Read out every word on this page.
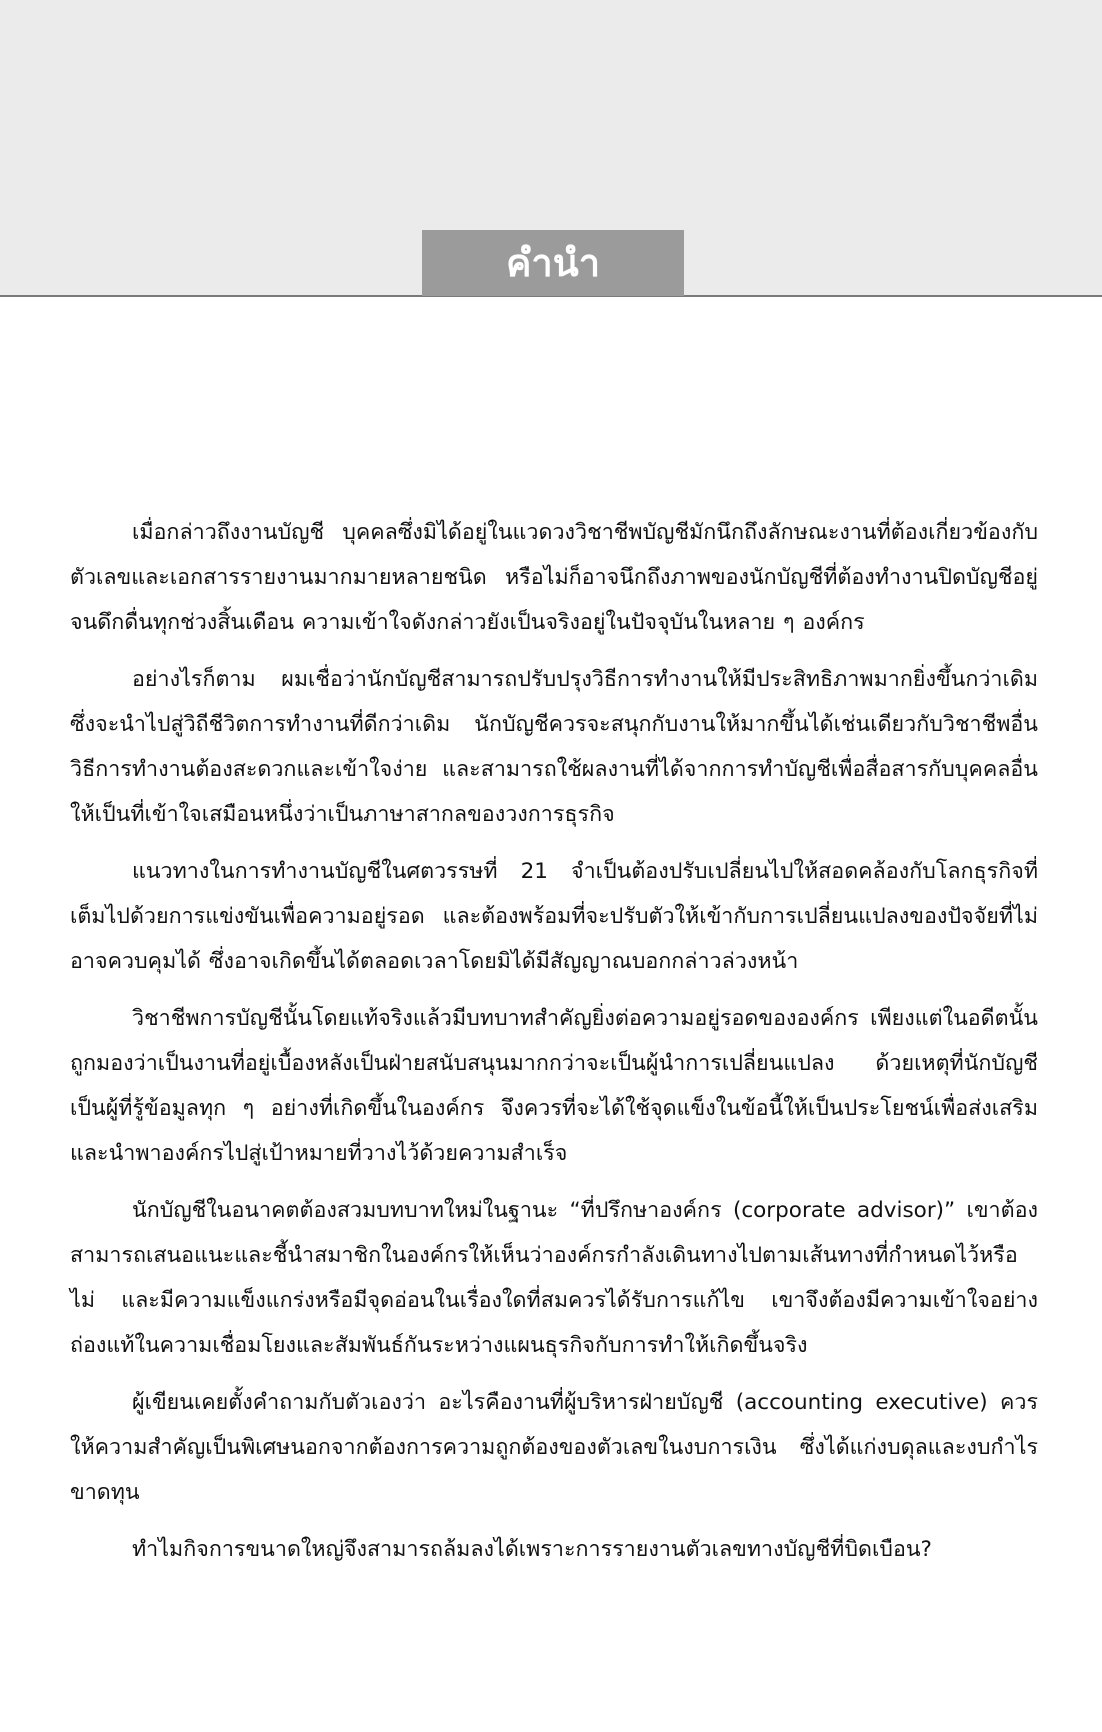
คำนำ

เมื่อกล่าวถึงงานบัญชี บุคคลซึ่งมิได้อยู่ในแวดวงวิชาชีพบัญชีมักนึกถึงลักษณะงานที่ต้องเกี่ยวข้องกับตัวเลขและเอกสารรายงานมากมายหลายชนิด หรือไม่ก็อาจนึกถึงภาพของนักบัญชีที่ต้องทำงานปิดบัญชีอยู่จนดึกดื่นทุกช่วงสิ้นเดือน ความเข้าใจดังกล่าวยังเป็นจริงอยู่ในปัจจุบันในหลาย ๆ องค์กร

อย่างไรก็ตาม ผมเชื่อว่านักบัญชีสามารถปรับปรุงวิธีการทำงานให้มีประสิทธิภาพมากยิ่งขึ้นกว่าเดิม ซึ่งจะนำไปสู่วิถีชีวิตการทำงานที่ดีกว่าเดิม นักบัญชีควรจะสนุกกับงานให้มากขึ้นได้เช่นเดียวกับวิชาชีพอื่น วิธีการทำงานต้องสะดวกและเข้าใจง่าย และสามารถใช้ผลงานที่ได้จากการทำบัญชีเพื่อสื่อสารกับบุคคลอื่นให้เป็นที่เข้าใจเสมือนหนึ่งว่าเป็นภาษาสากลของวงการธุรกิจ

แนวทางในการทำงานบัญชีในศตวรรษที่ 21 จำเป็นต้องปรับเปลี่ยนไปให้สอดคล้องกับโลกธุรกิจที่เต็มไปด้วยการแข่งขันเพื่อความอยู่รอด และต้องพร้อมที่จะปรับตัวให้เข้ากับการเปลี่ยนแปลงของปัจจัยที่ไม่อาจควบคุมได้ ซึ่งอาจเกิดขึ้นได้ตลอดเวลาโดยมิได้มีสัญญาณบอกกล่าวล่วงหน้า

วิชาชีพการบัญชีนั้นโดยแท้จริงแล้วมีบทบาทสำคัญยิ่งต่อความอยู่รอดขององค์กร เพียงแต่ในอดีตนั้นถูกมองว่าเป็นงานที่อยู่เบื้องหลังเป็นฝ่ายสนับสนุนมากกว่าจะเป็นผู้นำการเปลี่ยนแปลง ด้วยเหตุที่นักบัญชีเป็นผู้ที่รู้ข้อมูลทุก ๆ อย่างที่เกิดขึ้นในองค์กร จึงควรที่จะได้ใช้จุดแข็งในข้อนี้ให้เป็นประโยชน์เพื่อส่งเสริมและนำพาองค์กรไปสู่เป้าหมายที่วางไว้ด้วยความสำเร็จ

นักบัญชีในอนาคตต้องสวมบทบาทใหม่ในฐานะ “ที่ปรึกษาองค์กร (corporate advisor)” เขาต้องสามารถเสนอแนะและชี้นำสมาชิกในองค์กรให้เห็นว่าองค์กรกำลังเดินทางไปตามเส้นทางที่กำหนดไว้หรือไม่ และมีความแข็งแกร่งหรือมีจุดอ่อนในเรื่องใดที่สมควรได้รับการแก้ไข เขาจึงต้องมีความเข้าใจอย่างถ่องแท้ในความเชื่อมโยงและสัมพันธ์กันระหว่างแผนธุรกิจกับการทำให้เกิดขึ้นจริง

ผู้เขียนเคยตั้งคำถามกับตัวเองว่า อะไรคืองานที่ผู้บริหารฝ่ายบัญชี (accounting executive) ควรให้ความสำคัญเป็นพิเศษนอกจากต้องการความถูกต้องของตัวเลขในงบการเงิน ซึ่งได้แก่งบดุลและงบกำไรขาดทุน

ทำไมกิจการขนาดใหญ่จึงสามารถล้มลงได้เพราะการรายงานตัวเลขทางบัญชีที่บิดเบือน?
